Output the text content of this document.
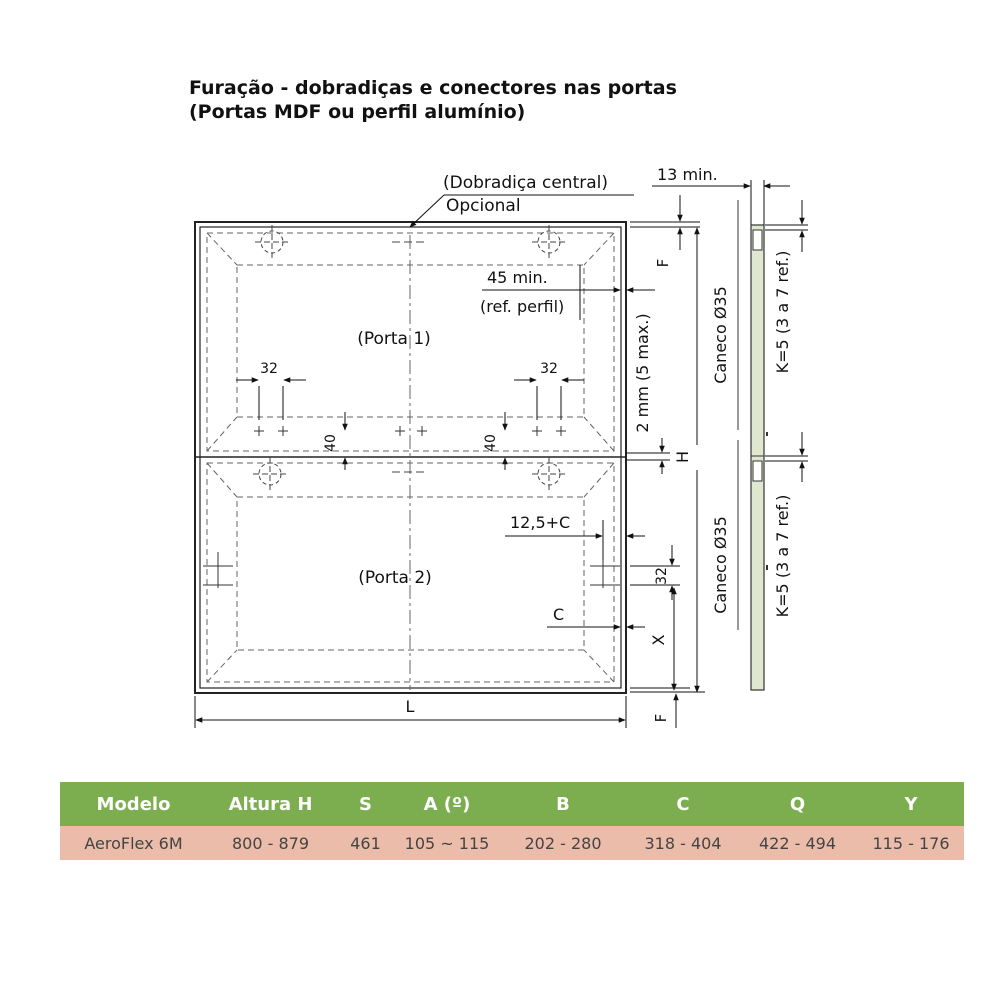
Furação - dobradiças e conectores nas portas
(Portas MDF ou perfil alumínio)
32	32
40	40
(Dobradiça central)
Opcional
13 min.
F
45 min.
(ref. perfil)
2 mm (5 max.)
H
12,5+C
32
C
X
F
L
(Porta 1)
(Porta 2)
Caneco Ø35
Caneco Ø35
K=5 (3 a 7 ref.)
K=5 (3 a 7 ref.)
Modelo	Altura H	S	A (º)	B	C	Q	Y
AeroFlex 6M	800 - 879	461	105 ~ 115	202 - 280	318 - 404	422 - 494	115 - 176
